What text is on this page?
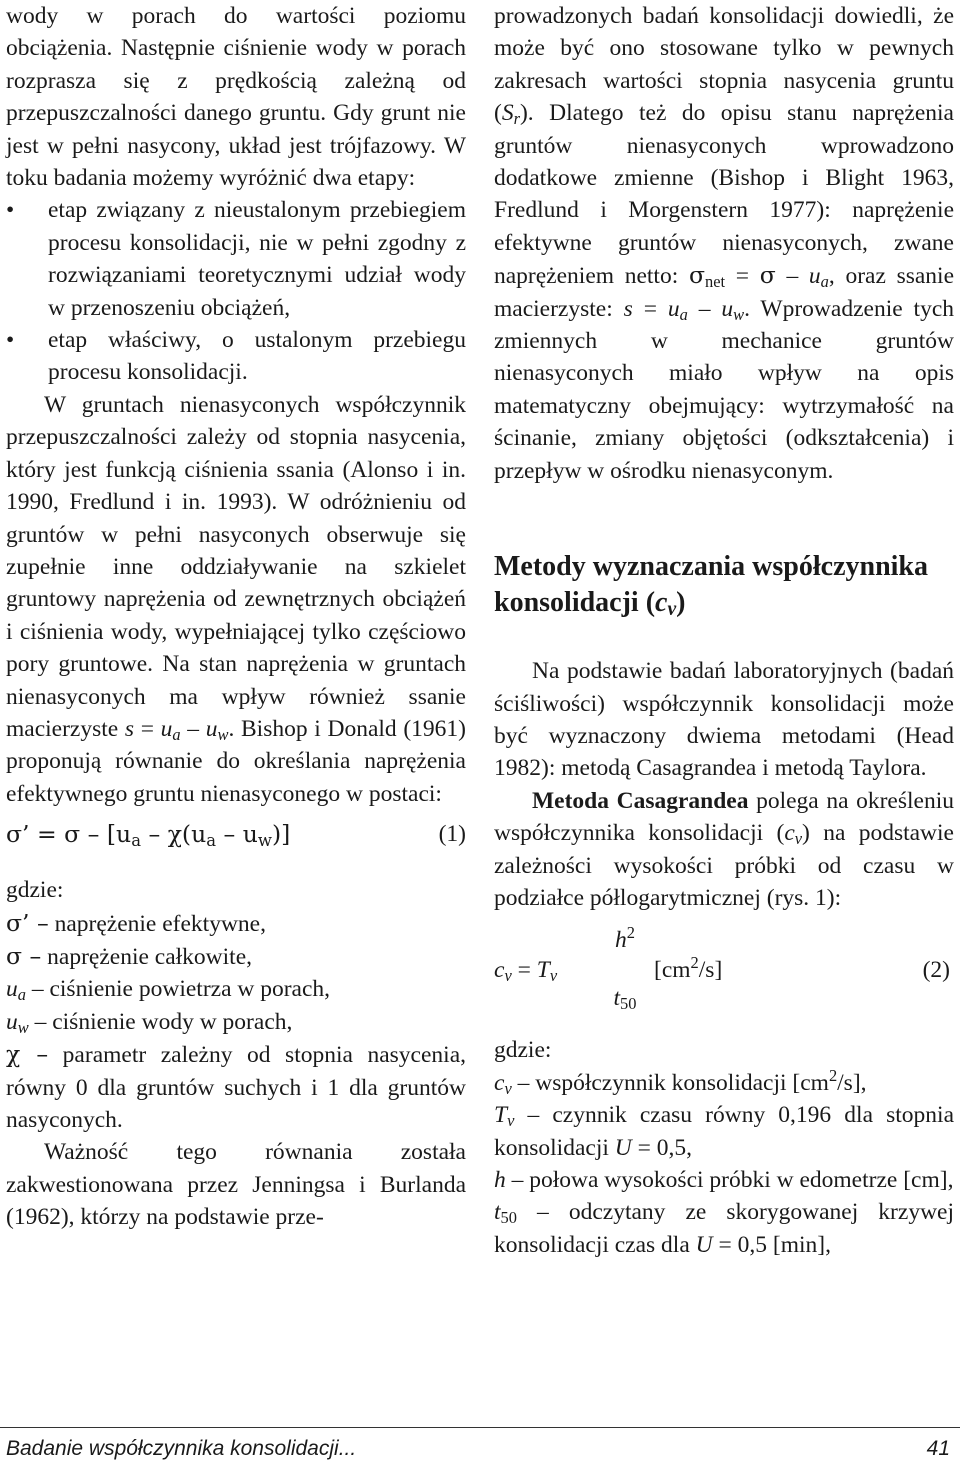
wody w porach do wartości poziomu obciążenia. Następnie ciśnienie wody w porach rozprasza się z prędkością zależną od przepuszczalności danego gruntu. Gdy grunt nie jest w pełni nasycony, układ jest trójfazowy. W toku badania możemy wyróżnić dwa etapy:

• etap związany z nieustalonym przebiegiem procesu konsolidacji, nie w pełni zgodny z rozwiązaniami teoretycznymi udział wody w przenoszeniu obciążeń,
• etap właściwy, o ustalonym przebiegu procesu konsolidacji.

W gruntach nienasyconych współczynnik przepuszczalności zależy od stopnia nasycenia, który jest funkcją ciśnienia ssania (Alonso i in. 1990, Fredlund i in. 1993). W odróżnieniu od gruntów w pełni nasyconych obserwuje się zupełnie inne oddziaływanie na szkielet gruntowy naprężenia od zewnętrznych obciążeń i ciśnienia wody, wypełniającej tylko częściowo pory gruntowe. Na stan naprężenia w gruntach nienasyconych ma wpływ również ssanie macierzyste $s = u_a - u_w$. Bishop i Donald (1961) proponują równanie do określania naprężenia efektywnego gruntu nienasyconego w postaci:

σ’ = σ – $[u_a - \chi(u_a - u_w)]$	(1)

gdzie:

σ’ – naprężenie efektywne,

σ – naprężenie całkowite,

$u_a$ – ciśnienie powietrza w porach,

$u_w$ – ciśnienie wody w porach,

χ – parametr zależny od stopnia nasycenia, równy 0 dla gruntów suchych i 1 dla gruntów nasyconych.

Ważność tego równania została zakwestionowana przez Jenningsa i Burlanda (1962), którzy na podstawie prze-

prowadzonych badań konsolidacji dowiedli, że może być ono stosowane tylko w pewnych zakresach wartości stopnia nasycenia gruntu $(S_r)$. Dlatego też do opisu stanu naprężenia gruntów nienasyconych wprowadzono dodatkowe zmienne (Bishop i Blight 1963, Fredlund i Morgenstern 1977): naprężenie efektywne gruntów nienasyconych, zwane naprężeniem netto: $\sigma_{net} = \sigma - u_a$, oraz ssanie macierzyste: $s = u_a - u_w$. Wprowadzenie tych zmiennych w mechanice gruntów nienasyconych miało wpływ na opis matematyczny obejmujący: wytrzymałość na ścinanie, zmiany objętości (odkształcenia) i przepływ w ośrodku nienasyconym.

Metody wyznaczania współczynnika konsolidacji $(c_v)$

Na podstawie badań laboratoryjnych (badań ściśliwości) współczynnik konsolidacji może być wyznaczony dwiema metodami (Head 1982): metodą Casagrandea i metodą Taylora.

Metoda Casagrandea polega na określeniu współczynnika konsolidacji $(c_v)$ na podstawie zależności wysokości próbki od czasu w podziałce półlogarytmicznej (rys. 1):

$c_v = T_v$
$h^2$
$t_{50}$
$[cm^2/s]$	(2)

gdzie:

$c_v$ – współczynnik konsolidacji $[cm^2/s]$,

$T_v$ – czynnik czasu równy 0,196 dla stopnia konsolidacji U = 0,5,

h – połowa wysokości próbki w edometrze [cm],

$t_{50}$ – odczytany ze skorygowanej krzywej konsolidacji czas dla U = 0,5 [min],

Badanie współczynnika konsolidacji...	41
